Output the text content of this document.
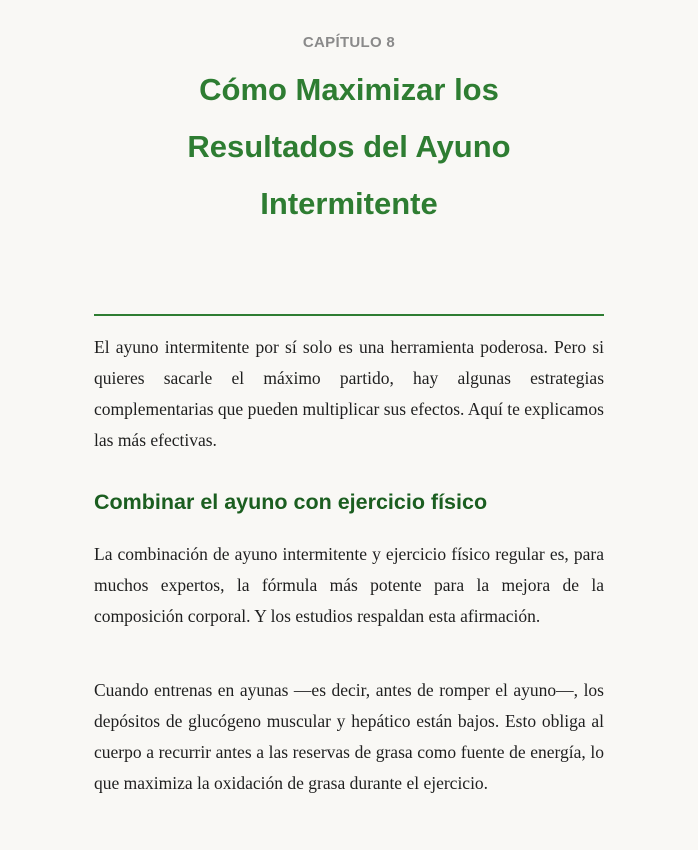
CAPÍTULO 8
Cómo Maximizar los
Resultados del Ayuno
Intermitente

El ayuno intermitente por sí solo es una herramienta poderosa. Pero si quieres sacarle el máximo partido, hay algunas estrategias complementarias que pueden multiplicar sus efectos. Aquí te explicamos las más efectivas.

Combinar el ayuno con ejercicio físico

La combinación de ayuno intermitente y ejercicio físico regular es, para muchos expertos, la fórmula más potente para la mejora de la composición corporal. Y los estudios respaldan esta afirmación.

Cuando entrenas en ayunas —es decir, antes de romper el ayuno—, los depósitos de glucógeno muscular y hepático están bajos. Esto obliga al cuerpo a recurrir antes a las reservas de grasa como fuente de energía, lo que maximiza la oxidación de grasa durante el ejercicio.
